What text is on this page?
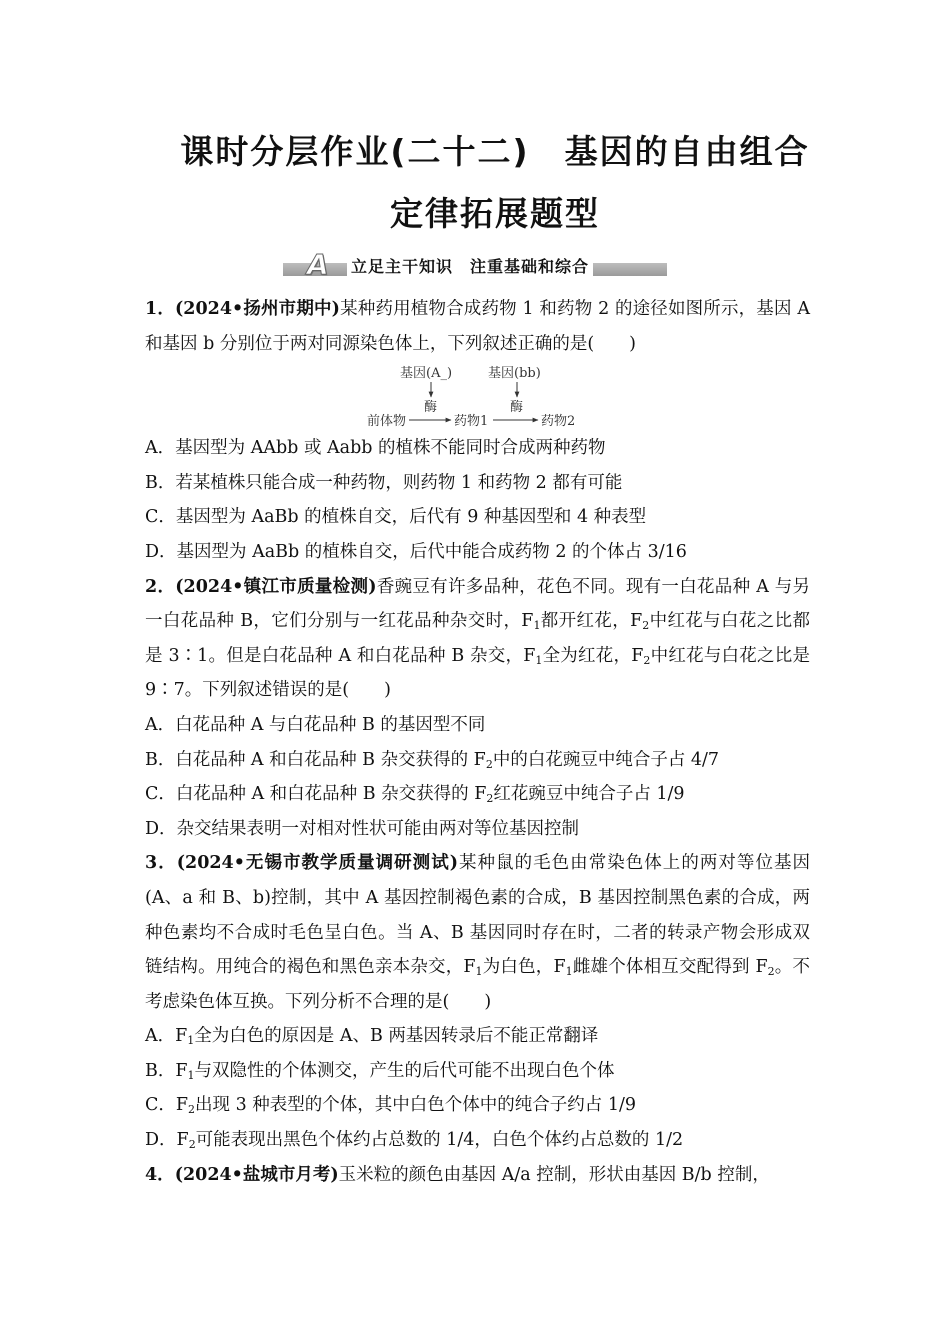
课时分层作业(二十二)　基因的自由组合
定律拓展题型
A 立足主干知识　注重基础和综合

1．(2024•扬州市期中)某种药用植物合成药物 1 和药物 2 的途径如图所示，基因 A 和基因 b 分别位于两对同源染色体上，下列叙述正确的是(　　)

基因(A_)	基因(bb)
酶	酶
前体物	药物1	药物2

A．基因型为 AAbb 或 Aabb 的植株不能同时合成两种药物

B．若某植株只能合成一种药物，则药物 1 和药物 2 都有可能

C．基因型为 AaBb 的植株自交，后代有 9 种基因型和 4 种表型

D．基因型为 AaBb 的植株自交，后代中能合成药物 2 的个体占 3/16

2．(2024•镇江市质量检测)香豌豆有许多品种，花色不同。现有一白花品种 A 与另一白花品种 B，它们分别与一红花品种杂交时，$F_1$都开红花，$F_2$中红花与白花之比都是 3∶1。但是白花品种 A 和白花品种 B 杂交，$F_1$全为红花，$F_2$中红花与白花之比是 9∶7。下列叙述错误的是(　　)

A．白花品种 A 与白花品种 B 的基因型不同

B．白花品种 A 和白花品种 B 杂交获得的 $F_2$中的白花豌豆中纯合子占 4/7

C．白花品种 A 和白花品种 B 杂交获得的 $F_2$红花豌豆中纯合子占 1/9

D．杂交结果表明一对相对性状可能由两对等位基因控制

3．(2024•无锡市教学质量调研测试)某种鼠的毛色由常染色体上的两对等位基因(A、a 和 B、b)控制，其中 A 基因控制褐色素的合成，B 基因控制黑色素的合成，两种色素均不合成时毛色呈白色。当 A、B 基因同时存在时，二者的转录产物会形成双链结构。用纯合的褐色和黑色亲本杂交，$F_1$为白色，$F_1$雌雄个体相互交配得到 $F_2$。不考虑染色体互换。下列分析不合理的是(　　)

A．$F_1$全为白色的原因是 A、B 两基因转录后不能正常翻译

B．$F_1$与双隐性的个体测交，产生的后代可能不出现白色个体

C．$F_2$出现 3 种表型的个体，其中白色个体中的纯合子约占 1/9

D．$F_2$可能表现出黑色个体约占总数的 1/4，白色个体约占总数的 1/2

4．(2024•盐城市月考)玉米粒的颜色由基因 A/a 控制，形状由基因 B/b 控制，
